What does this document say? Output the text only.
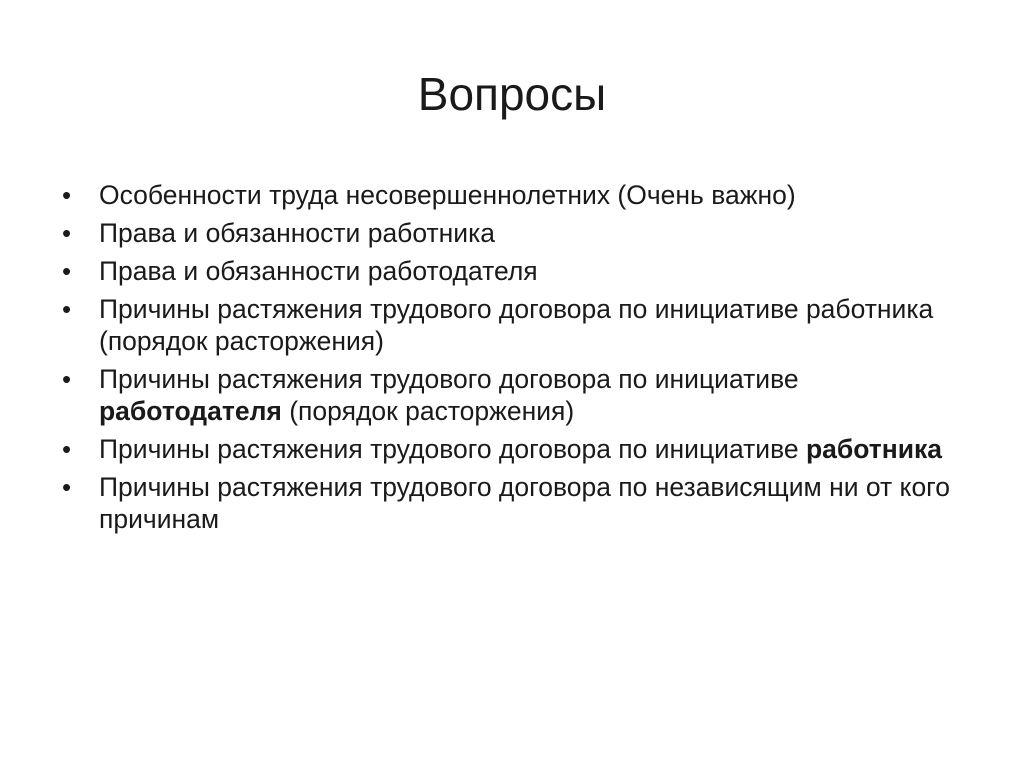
Вопросы
•	Особенности труда несовершеннолетних (Очень важно)
•	Права и обязанности работника
•	Права и обязанности работодателя
•	Причины растяжения трудового договора по инициативе работника (порядок расторжения)
•	Причины растяжения трудового договора по инициативе работодателя (порядок расторжения)
•	Причины растяжения трудового договора по инициативе работника
•	Причины растяжения трудового договора по независящим ни от кого причинам
